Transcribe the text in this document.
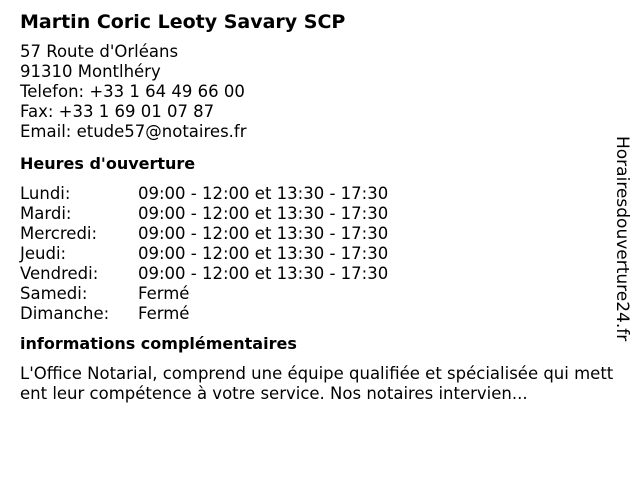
Martin Coric Leoty Savary SCP
57 Route d'Orléans
91310 Montlhéry
Telefon: +33 1 64 49 66 00
Fax: +33 1 69 01 07 87
Email: etude57@notaires.fr
Heures d'ouverture
Lundi:	09:00 - 12:00 et 13:30 - 17:30
Mardi:	09:00 - 12:00 et 13:30 - 17:30
Mercredi:	09:00 - 12:00 et 13:30 - 17:30
Jeudi:	09:00 - 12:00 et 13:30 - 17:30
Vendredi:	09:00 - 12:00 et 13:30 - 17:30
Samedi:	Fermé
Dimanche:	Fermé
informations complémentaires
L'Office Notarial, comprend une équipe qualifiée et spécialisée qui mettent leur compétence à votre service. Nos notaires intervien...
Horairesdouverture24.fr
